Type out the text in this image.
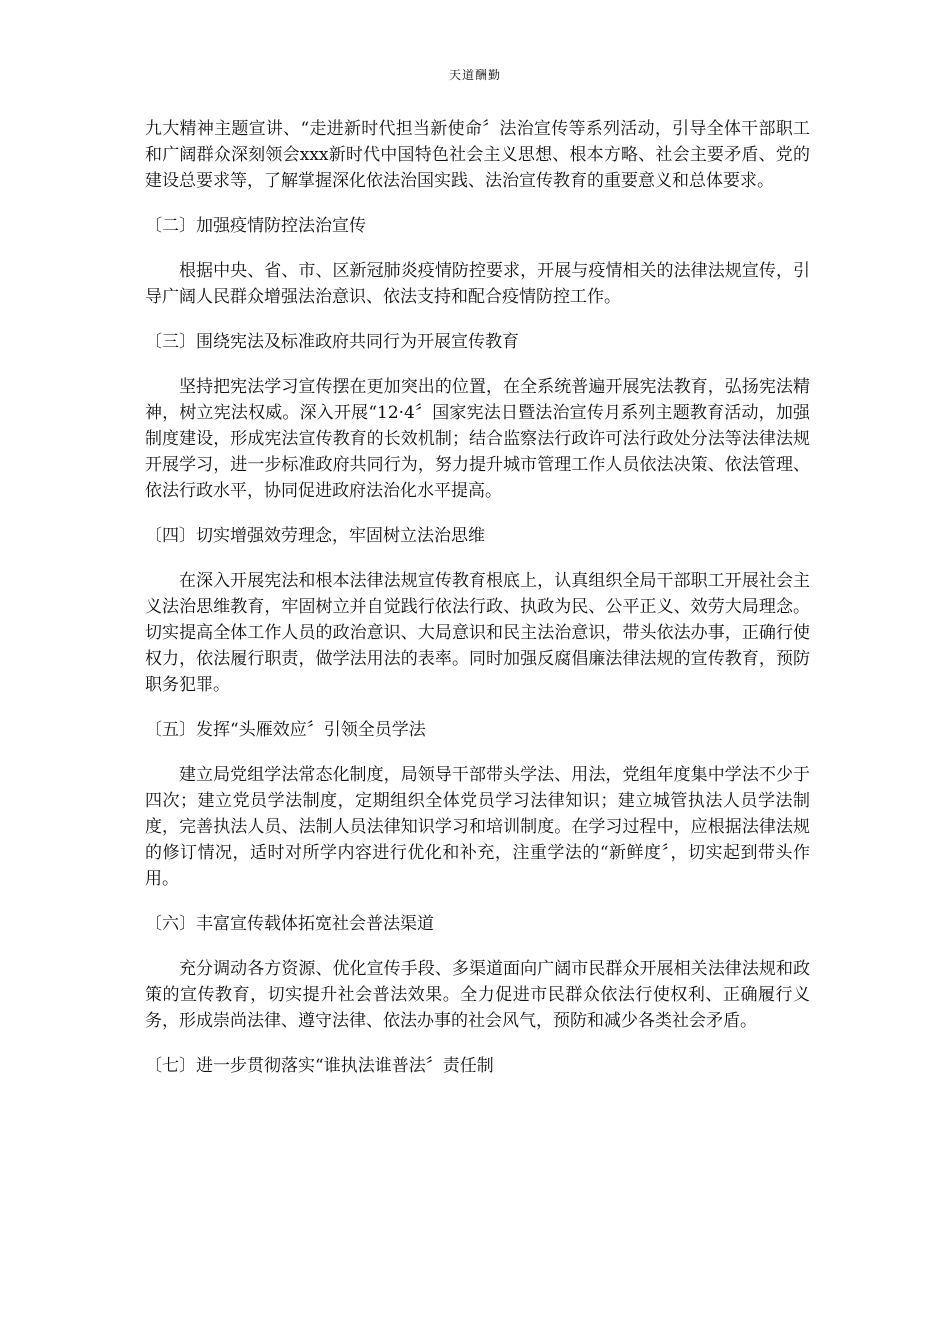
天道酬勤

九大精神主题宣讲、“走进新时代担当新使命〞法治宣传等系列活动，引导全体干部职工和广阔群众深刻领会xxx新时代中国特色社会主义思想、根本方略、社会主要矛盾、党的建设总要求等，了解掌握深化依法治国实践、法治宣传教育的重要意义和总体要求。

〔二〕加强疫情防控法治宣传

根据中央、省、市、区新冠肺炎疫情防控要求，开展与疫情相关的法律法规宣传，引导广阔人民群众增强法治意识、依法支持和配合疫情防控工作。

〔三〕围绕宪法及标准政府共同行为开展宣传教育

坚持把宪法学习宣传摆在更加突出的位置，在全系统普遍开展宪法教育，弘扬宪法精神，树立宪法权威。深入开展“12·4〞国家宪法日暨法治宣传月系列主题教育活动，加强制度建设，形成宪法宣传教育的长效机制；结合监察法行政许可法行政处分法等法律法规开展学习，进一步标准政府共同行为，努力提升城市管理工作人员依法决策、依法管理、依法行政水平，协同促进政府法治化水平提高。

〔四〕切实增强效劳理念，牢固树立法治思维

在深入开展宪法和根本法律法规宣传教育根底上，认真组织全局干部职工开展社会主义法治思维教育，牢固树立并自觉践行依法行政、执政为民、公平正义、效劳大局理念。切实提高全体工作人员的政治意识、大局意识和民主法治意识，带头依法办事，正确行使权力，依法履行职责，做学法用法的表率。同时加强反腐倡廉法律法规的宣传教育，预防职务犯罪。

〔五〕发挥“头雁效应〞引领全员学法

建立局党组学法常态化制度，局领导干部带头学法、用法，党组年度集中学法不少于四次；建立党员学法制度，定期组织全体党员学习法律知识；建立城管执法人员学法制度，完善执法人员、法制人员法律知识学习和培训制度。在学习过程中，应根据法律法规的修订情况，适时对所学内容进行优化和补充，注重学法的“新鲜度〞，切实起到带头作用。

〔六〕丰富宣传载体拓宽社会普法渠道

充分调动各方资源、优化宣传手段、多渠道面向广阔市民群众开展相关法律法规和政策的宣传教育，切实提升社会普法效果。全力促进市民群众依法行使权利、正确履行义务，形成崇尚法律、遵守法律、依法办事的社会风气，预防和减少各类社会矛盾。

〔七〕进一步贯彻落实“谁执法谁普法〞责任制
